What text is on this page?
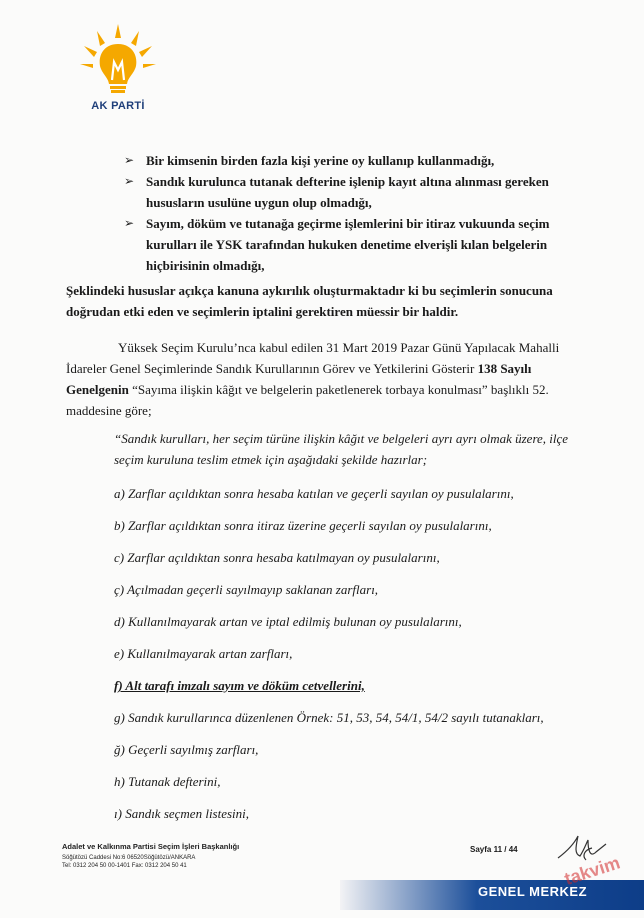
AK PARTİ

➢ Bir kimsenin birden fazla kişi yerine oy kullanıp kullanmadığı,

➢ Sandık kurulunca tutanak defterine işlenip kayıt altına alınması gereken hususların usulüne uygun olup olmadığı,

➢ Sayım, döküm ve tutanağa geçirme işlemlerini bir itiraz vukuunda seçim kurulları ile YSK tarafından hukuken denetime elverişli kılan belgelerin hiçbirisinin olmadığı,

Şeklindeki hususlar açıkça kanuna aykırılık oluşturmaktadır ki bu seçimlerin sonucuna doğrudan etki eden ve seçimlerin iptalini gerektiren müessir bir haldir.
Yüksek Seçim Kurulu’nca kabul edilen 31 Mart 2019 Pazar Günü Yapılacak Mahalli İdareler Genel Seçimlerinde Sandık Kurullarının Görev ve Yetkilerini Gösterir 138 Sayılı Genelgenin “Sayıma ilişkin kâğıt ve belgelerin paketlenerek torbaya konulması” başlıklı 52. maddesine göre;
“Sandık kurulları, her seçim türüne ilişkin kâğıt ve belgeleri ayrı ayrı olmak üzere, ilçe seçim kuruluna teslim etmek için aşağıdaki şekilde hazırlar;
a) Zarflar açıldıktan sonra hesaba katılan ve geçerli sayılan oy pusulalarını,
b) Zarflar açıldıktan sonra itiraz üzerine geçerli sayılan oy pusulalarını,
c) Zarflar açıldıktan sonra hesaba katılmayan oy pusulalarını,
ç) Açılmadan geçerli sayılmayıp saklanan zarfları,
d) Kullanılmayarak artan ve iptal edilmiş bulunan oy pusulalarını,
e) Kullanılmayarak artan zarfları,
f) Alt tarafı imzalı sayım ve döküm cetvellerini,
g) Sandık kurullarınca düzenlenen Örnek: 51, 53, 54, 54/1, 54/2 sayılı tutanakları,
ğ) Geçerli sayılmış zarfları,
h) Tutanak defterini,
ı) Sandık seçmen listesini,
Adalet ve Kalkınma Partisi Seçim İşleri Başkanlığı
Söğütözü Caddesi No:6 06520Söğütözü/ANKARA
Tel: 0312 204 50 00-1401 Fax: 0312 204 50 41
Sayfa 11 / 44
GENEL MERKEZ
takvim
